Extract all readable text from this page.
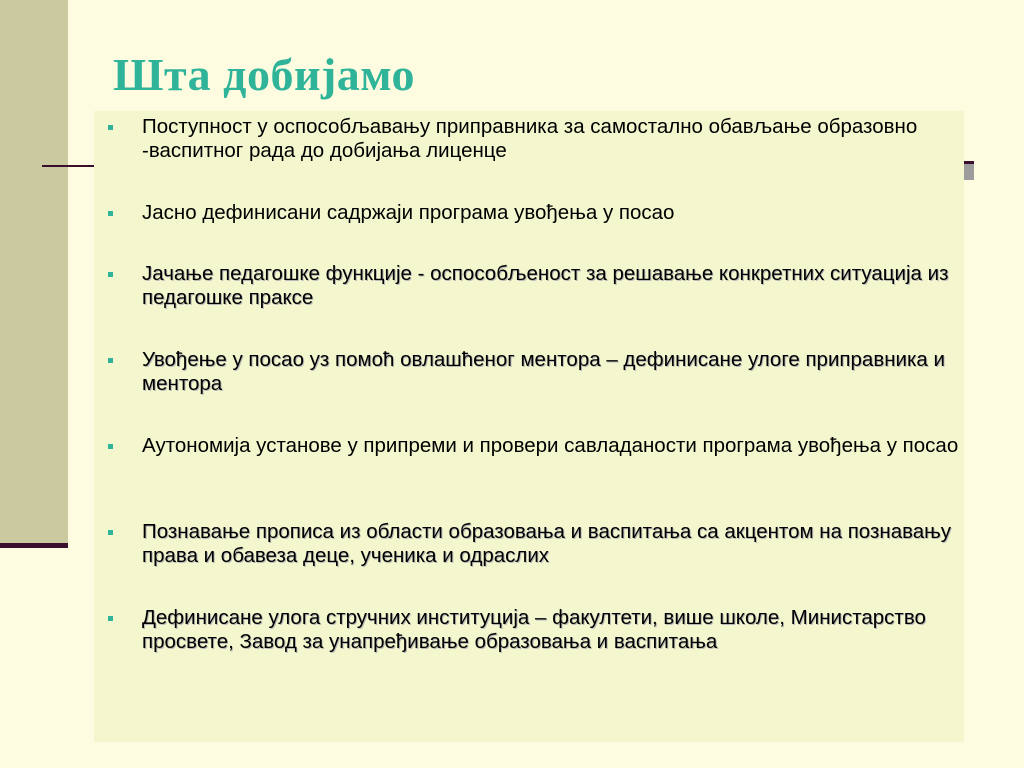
Шта добијамо
Поступност у оспособљавању приправника за самостално обављање образовно -васпитног рада до добијања лиценце
Јасно дефинисани садржаји програма увођења у посао
Јачање педагошке функције - оспособљеност за решавање конкретних ситуација из педагошке праксе
Увођење у посао уз помоћ овлашћеног ментора – дефинисане улоге приправника и ментора
Аутономија установе у припреми и провери савладаности програма увођења у посао
Познавање прописа из области образовања и васпитања са акцентом на познавању права и обавеза деце, ученика и одраслих
Дефинисане улога стручних институција – факултети, више школе, Министарство просвете, Завод за унапређивање образовања и васпитања
